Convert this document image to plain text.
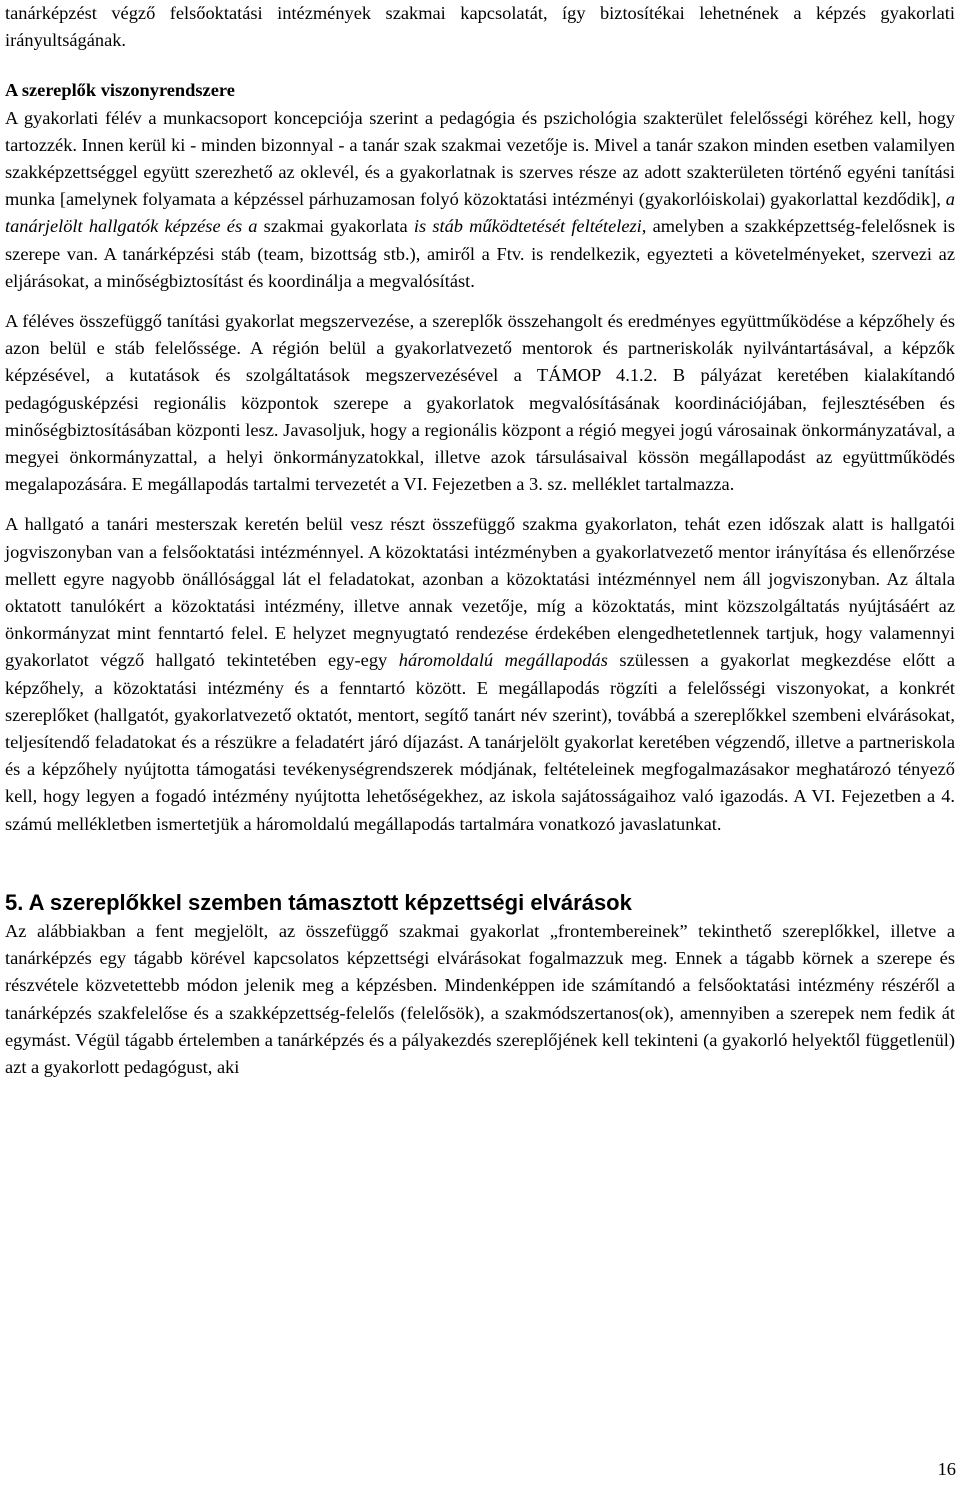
tanárképzést végző felsőoktatási intézmények szakmai kapcsolatát, így biztosítékai lehetnének a képzés gyakorlati irányultságának.

A szereplők viszonyrendszere

A gyakorlati félév a munkacsoport koncepciója szerint a pedagógia és pszichológia szakterület felelősségi köréhez kell, hogy tartozzék. Innen kerül ki - minden bizonnyal - a tanár szak szakmai vezetője is. Mivel a tanár szakon minden esetben valamilyen szakképzettséggel együtt szerezhető az oklevél, és a gyakorlatnak is szerves része az adott szakterületen történő egyéni tanítási munka [amelynek folyamata a képzéssel párhuzamosan folyó közoktatási intézményi (gyakorlóiskolai) gyakorlattal kezdődik], a tanárjelölt hallgatók képzése és a szakmai gyakorlata is stáb működtetését feltételezi, amelyben a szakképzettség-felelősnek is szerepe van. A tanárképzési stáb (team, bizottság stb.), amiről a Ftv. is rendelkezik, egyezteti a követelményeket, szervezi az eljárásokat, a minőségbiztosítást és koordinálja a megvalósítást.

A féléves összefüggő tanítási gyakorlat megszervezése, a szereplők összehangolt és eredményes együttműködése a képzőhely és azon belül e stáb felelőssége. A régión belül a gyakorlatvezető mentorok és partneriskolák nyilvántartásával, a képzők képzésével, a kutatások és szolgáltatások megszervezésével a TÁMOP 4.1.2. B pályázat keretében kialakítandó pedagógusképzési regionális központok szerepe a gyakorlatok megvalósításának koordinációjában, fejlesztésében és minőségbiztosításában központi lesz. Javasoljuk, hogy a regionális központ a régió megyei jogú városainak önkormányzatával, a megyei önkormányzattal, a helyi önkormányzatokkal, illetve azok társulásaival kössön megállapodást az együttműködés megalapozására. E megállapodás tartalmi tervezetét a VI. Fejezetben a 3. sz. melléklet tartalmazza.

A hallgató a tanári mesterszak keretén belül vesz részt összefüggő szakma gyakorlaton, tehát ezen időszak alatt is hallgatói jogviszonyban van a felsőoktatási intézménnyel. A közoktatási intézményben a gyakorlatvezető mentor irányítása és ellenőrzése mellett egyre nagyobb önállósággal lát el feladatokat, azonban a közoktatási intézménnyel nem áll jogviszonyban. Az általa oktatott tanulókért a közoktatási intézmény, illetve annak vezetője, míg a közoktatás, mint közszolgáltatás nyújtásáért az önkormányzat mint fenntartó felel. E helyzet megnyugtató rendezése érdekében elengedhetetlennek tartjuk, hogy valamennyi gyakorlatot végző hallgató tekintetében egy-egy háromoldalú megállapodás szülessen a gyakorlat megkezdése előtt a képzőhely, a közoktatási intézmény és a fenntartó között. E megállapodás rögzíti a felelősségi viszonyokat, a konkrét szereplőket (hallgatót, gyakorlatvezető oktatót, mentort, segítő tanárt név szerint), továbbá a szereplőkkel szembeni elvárásokat, teljesítendő feladatokat és a részükre a feladatért járó díjazást. A tanárjelölt gyakorlat keretében végzendő, illetve a partneriskola és a képzőhely nyújtotta támogatási tevékenységrendszerek módjának, feltételeinek megfogalmazásakor meghatározó tényező kell, hogy legyen a fogadó intézmény nyújtotta lehetőségekhez, az iskola sajátosságaihoz való igazodás. A VI. Fejezetben a 4. számú mellékletben ismertetjük a háromoldalú megállapodás tartalmára vonatkozó javaslatunkat.

5. A szereplőkkel szemben támasztott képzettségi elvárások

Az alábbiakban a fent megjelölt, az összefüggő szakmai gyakorlat „frontembereinek” tekinthető szereplőkkel, illetve a tanárképzés egy tágabb körével kapcsolatos képzettségi elvárásokat fogalmazzuk meg. Ennek a tágabb körnek a szerepe és részvétele közvetettebb módon jelenik meg a képzésben. Mindenképpen ide számítandó a felsőoktatási intézmény részéről a tanárképzés szakfelelőse és a szakképzettség-felelős (felelősök), a szakmódszertanos(ok), amennyiben a szerepek nem fedik át egymást. Végül tágabb értelemben a tanárképzés és a pályakezdés szereplőjének kell tekinteni (a gyakorló helyektől függetlenül) azt a gyakorlott pedagógust, aki

16
